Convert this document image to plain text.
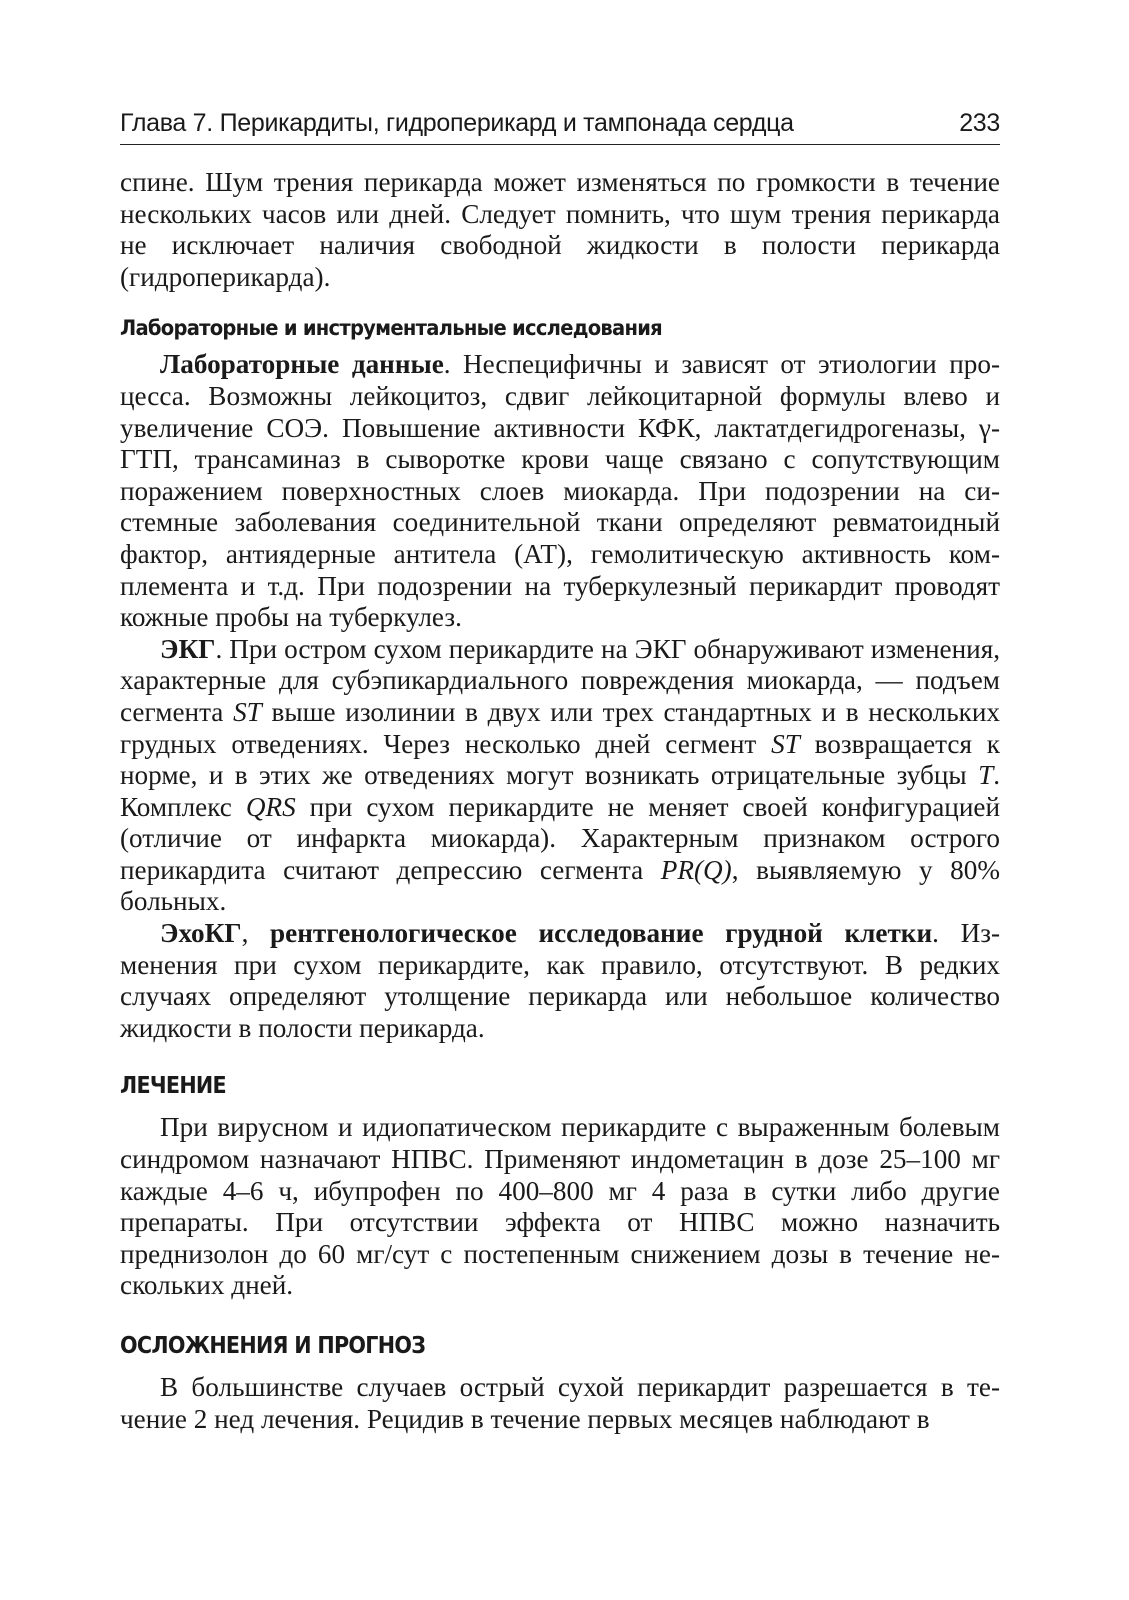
Глава 7. Перикардиты, гидроперикард и тампонада сердца	233

спине. Шум трения перикарда может изменяться по громкости в течение нескольких часов или дней. Следует помнить, что шум трения перикарда не исключает наличия свободной жидкости в полости перикарда (гидроперикарда).

Лабораторные и инструментальные исследования

Лабораторные данные. Неспецифичны и зависят от этиологии процесса. Возможны лейкоцитоз, сдвиг лейкоцитарной формулы влево и увеличение СОЭ. Повышение активности КФК, лактатдегидрогеназы, γ-ГТП, трансаминаз в сыворотке крови чаще связано с сопутствующим поражением поверхностных слоев миокарда. При подозрении на системные заболевания соединительной ткани определяют ревматоидный фактор, антиядерные антитела (АТ), гемолитическую активность комплемента и т.д. При подозрении на туберкулезный перикардит проводят кожные пробы на туберкулез.

ЭКГ. При остром сухом перикардите на ЭКГ обнаруживают изменения, характерные для субэпикардиального повреждения миокарда, — подъем сегмента ST выше изолинии в двух или трех стандартных и в нескольких грудных отведениях. Через несколько дней сегмент ST возвращается к норме, и в этих же отведениях могут возникать отрицательные зубцы T. Комплекс QRS при сухом перикардите не меняет своей конфигурацией (отличие от инфаркта миокарда). Характерным признаком острого перикардита считают депрессию сегмента PR(Q), выявляемую у 80% больных.

ЭхоКГ, рентгенологическое исследование грудной клетки. Изменения при сухом перикардите, как правило, отсутствуют. В редких случаях определяют утолщение перикарда или небольшое количество жидкости в полости перикарда.

ЛЕЧЕНИЕ

При вирусном и идиопатическом перикардите с выраженным болевым синдромом назначают НПВС. Применяют индометацин в дозе 25–100 мг каждые 4–6 ч, ибупрофен по 400–800 мг 4 раза в сутки либо другие препараты. При отсутствии эффекта от НПВС можно назначить преднизолон до 60 мг/сут с постепенным снижением дозы в течение нескольких дней.

ОСЛОЖНЕНИЯ И ПРОГНОЗ

В большинстве случаев острый сухой перикардит разрешается в течение 2 нед лечения. Рецидив в течение первых месяцев наблюдают в
